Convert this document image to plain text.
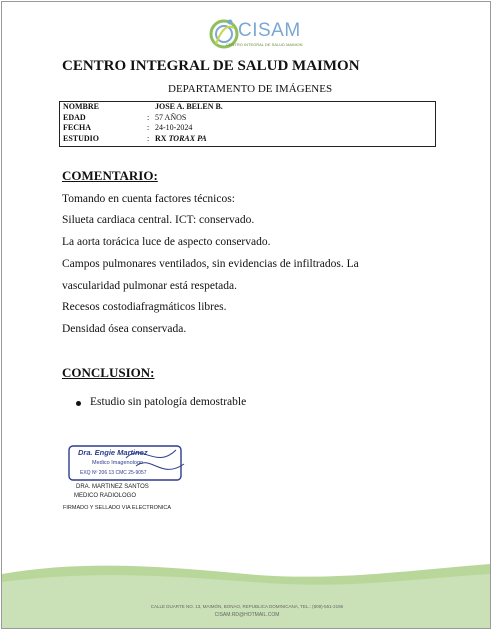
CISAM
CENTRO INTEGRAL DE SALUD MAIMON
CENTRO INTEGRAL DE SALUD MAIMON
DEPARTAMENTO DE IMÁGENES
NOMBRE	JOSE A. BELEN B.
EDAD	: 57 AÑOS
FECHA	: 24-10-2024
ESTUDIO	: RX TORAX PA
COMENTARIO:
Tomando en cuenta factores técnicos:
Silueta cardiaca central. ICT: conservado.
La aorta torácica luce de aspecto conservado.
Campos pulmonares ventilados, sin evidencias de infiltrados. La
vascularidad pulmonar está respetada.
Recesos costodiafragmáticos libres.
Densidad ósea conservada.
CONCLUSION:
Estudio sin patología demostrable
Dra. Engie Martinez
Medico Imagenologo
EXQ Nº 206 13 CMC 25-9057
DRA. MARTINEZ SANTOS
MEDICO RADIOLOGO
FIRMADO Y SELLADO VIA ELECTRONICA
CALLE DUARTE NO. 13, MAIMÓN, BONAO, REPUBLICA DOMINICANA, TEL.: (809)-551-2196
CISAM.RD@HOTMAIL.COM
